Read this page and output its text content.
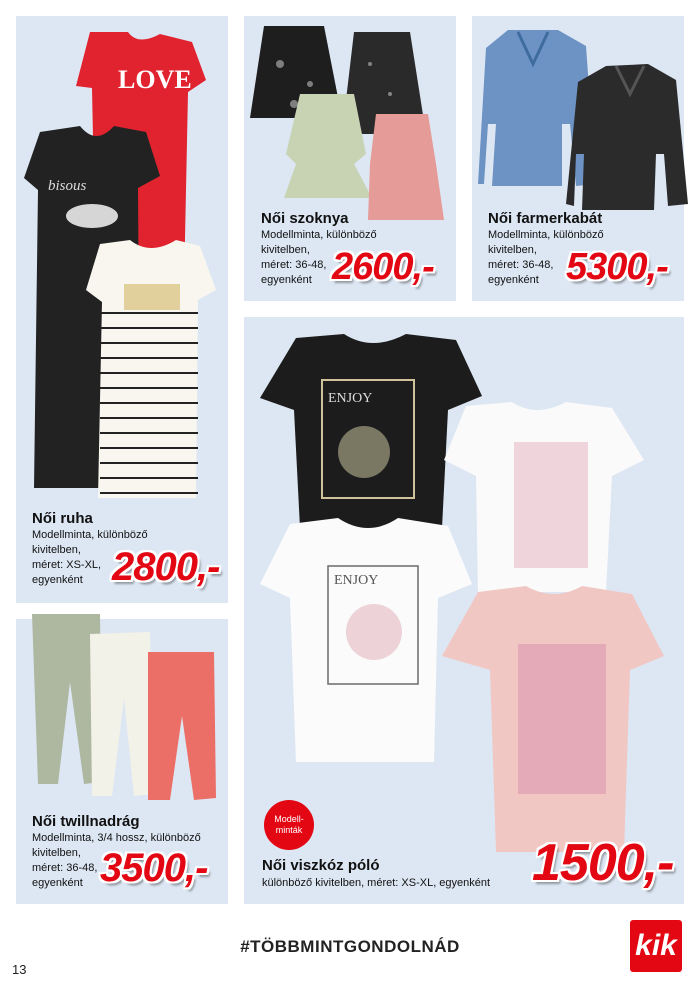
LOVE
bisous
ENJOY
ENJOY
Női ruha
Modellminta, különböző
kivitelben,
méret: XS-XL,
egyenként 2800,-
Női szoknya
Modellminta, különböző
kivitelben,
méret: 36-48,
egyenként 2600,-
Női farmerkabát
Modellminta, különböző
kivitelben,
méret: 36-48,
egyenként 5300,-
Női twillnadrág
Modellminta, 3/4 hossz, különböző
kivitelben,
méret: 36-48,
egyenként 3500,-
Modell-
minták
Női viszkóz póló
különböző kivitelben, méret: XS-XL, egyenként 1500,-
#TÖBBMINTGONDOLNÁD
13
kik
